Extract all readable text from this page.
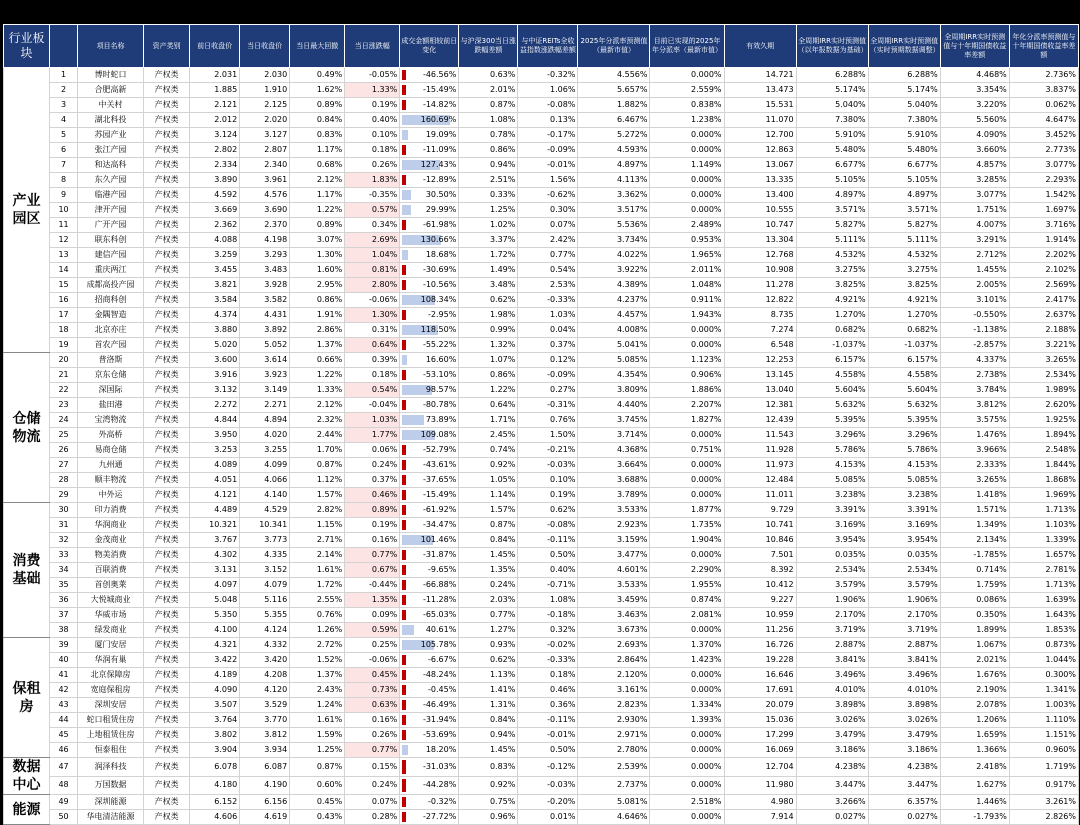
行业板块		项目名称	资产类别	前日收盘价	当日收盘价	当日最大回撤	当日涨跌幅	成交金额相较前日变化	与沪深300当日涨跌幅差额	与中证REITs全收益指数涨跌幅差额	2025年分派率预测值（最新市值）	目前已实现的2025年年分派率（最新市值）	有效久期	全周期IRR实时预测值（以年报数据为基础）	全周期IRR实时预测值（实时预期数据调整）	全周期IRR实时预测值与十年期国债收益率差额	年化分派率预测值与十年期国债收益率差额
产业园区	1	博时蛇口	产权类	2.031	2.030	0.49%	-0.05%	-46.56%	0.63%	-0.32%	4.556%	0.000%	14.721	6.288%	6.288%	4.468%	2.736%
	2	合肥高新	产权类	1.885	1.910	1.62%	1.33%	-15.49%	2.01%	1.06%	5.657%	2.559%	13.473	5.174%	5.174%	3.354%	3.837%
	3	中关村	产权类	2.121	2.125	0.89%	0.19%	-14.82%	0.87%	-0.08%	1.882%	0.838%	15.531	5.040%	5.040%	3.220%	0.062%
	4	湖北科投	产权类	2.012	2.020	0.84%	0.40%	160.69%	1.08%	0.13%	6.467%	1.238%	11.070	7.380%	7.380%	5.560%	4.647%
	5	苏园产业	产权类	3.124	3.127	0.83%	0.10%	19.09%	0.78%	-0.17%	5.272%	0.000%	12.700	5.910%	5.910%	4.090%	3.452%
	6	张江产园	产权类	2.802	2.807	1.17%	0.18%	-11.09%	0.86%	-0.09%	4.593%	0.000%	12.863	5.480%	5.480%	3.660%	2.773%
	7	和达高科	产权类	2.334	2.340	0.68%	0.26%	127.43%	0.94%	-0.01%	4.897%	1.149%	13.067	6.677%	6.677%	4.857%	3.077%
	8	东久产园	产权类	3.890	3.961	2.12%	1.83%	-12.89%	2.51%	1.56%	4.113%	0.000%	13.335	5.105%	5.105%	3.285%	2.293%
	9	临港产园	产权类	4.592	4.576	1.17%	-0.35%	30.50%	0.33%	-0.62%	3.362%	0.000%	13.400	4.897%	4.897%	3.077%	1.542%
	10	津开产园	产权类	3.669	3.690	1.22%	0.57%	29.99%	1.25%	0.30%	3.517%	0.000%	10.555	3.571%	3.571%	1.751%	1.697%
	11	广开产园	产权类	2.362	2.370	0.89%	0.34%	-61.98%	1.02%	0.07%	5.536%	2.489%	10.747	5.827%	5.827%	4.007%	3.716%
	12	联东科创	产权类	4.088	4.198	3.07%	2.69%	130.66%	3.37%	2.42%	3.734%	0.953%	13.304	5.111%	5.111%	3.291%	1.914%
	13	建信产园	产权类	3.259	3.293	1.30%	1.04%	18.68%	1.72%	0.77%	4.022%	1.965%	12.768	4.532%	4.532%	2.712%	2.202%
	14	重庆两江	产权类	3.455	3.483	1.60%	0.81%	-30.69%	1.49%	0.54%	3.922%	2.011%	10.908	3.275%	3.275%	1.455%	2.102%
	15	成都高投产园	产权类	3.821	3.928	2.95%	2.80%	-10.56%	3.48%	2.53%	4.389%	1.048%	11.278	3.825%	3.825%	2.005%	2.569%
	16	招商科创	产权类	3.584	3.582	0.86%	-0.06%	108.34%	0.62%	-0.33%	4.237%	0.911%	12.822	4.921%	4.921%	3.101%	2.417%
	17	金隅智造	产权类	4.374	4.431	1.91%	1.30%	-2.95%	1.98%	1.03%	4.457%	1.943%	8.735	1.270%	1.270%	-0.550%	2.637%
	18	北京亦庄	产权类	3.880	3.892	2.86%	0.31%	118.50%	0.99%	0.04%	4.008%	0.000%	7.274	0.682%	0.682%	-1.138%	2.188%
	19	首农产园	产权类	5.020	5.052	1.37%	0.64%	-55.22%	1.32%	0.37%	5.041%	0.000%	6.548	-1.037%	-1.037%	-2.857%	3.221%
仓储物流	20	普洛斯	产权类	3.600	3.614	0.66%	0.39%	16.60%	1.07%	0.12%	5.085%	1.123%	12.253	6.157%	6.157%	4.337%	3.265%
	21	京东仓储	产权类	3.916	3.923	1.22%	0.18%	-53.10%	0.86%	-0.09%	4.354%	0.906%	13.145	4.558%	4.558%	2.738%	2.534%
	22	深国际	产权类	3.132	3.149	1.33%	0.54%	98.57%	1.22%	0.27%	3.809%	1.886%	13.040	5.604%	5.604%	3.784%	1.989%
	23	盐田港	产权类	2.272	2.271	2.12%	-0.04%	-80.78%	0.64%	-0.31%	4.440%	2.207%	12.381	5.632%	5.632%	3.812%	2.620%
	24	宝湾物流	产权类	4.844	4.894	2.32%	1.03%	73.89%	1.71%	0.76%	3.745%	1.827%	12.439	5.395%	5.395%	3.575%	1.925%
	25	外高桥	产权类	3.950	4.020	2.44%	1.77%	109.08%	2.45%	1.50%	3.714%	0.000%	11.543	3.296%	3.296%	1.476%	1.894%
	26	易商仓储	产权类	3.253	3.255	1.70%	0.06%	-52.79%	0.74%	-0.21%	4.368%	0.751%	11.928	5.786%	5.786%	3.966%	2.548%
	27	九州通	产权类	4.089	4.099	0.87%	0.24%	-43.61%	0.92%	-0.03%	3.664%	0.000%	11.973	4.153%	4.153%	2.333%	1.844%
	28	顺丰物流	产权类	4.051	4.066	1.12%	0.37%	-37.65%	1.05%	0.10%	3.688%	0.000%	12.484	5.085%	5.085%	3.265%	1.868%
	29	中外运	产权类	4.121	4.140	1.57%	0.46%	-15.49%	1.14%	0.19%	3.789%	0.000%	11.011	3.238%	3.238%	1.418%	1.969%
消费基础	30	印力消费	产权类	4.489	4.529	2.82%	0.89%	-61.92%	1.57%	0.62%	3.533%	1.877%	9.729	3.391%	3.391%	1.571%	1.713%
	31	华润商业	产权类	10.321	10.341	1.15%	0.19%	-34.47%	0.87%	-0.08%	2.923%	1.735%	10.741	3.169%	3.169%	1.349%	1.103%
	32	金茂商业	产权类	3.767	3.773	2.71%	0.16%	101.46%	0.84%	-0.11%	3.159%	1.904%	10.846	3.954%	3.954%	2.134%	1.339%
	33	物美消费	产权类	4.302	4.335	2.14%	0.77%	-31.87%	1.45%	0.50%	3.477%	0.000%	7.501	0.035%	0.035%	-1.785%	1.657%
	34	百联消费	产权类	3.131	3.152	1.61%	0.67%	-9.65%	1.35%	0.40%	4.601%	2.290%	8.392	2.534%	2.534%	0.714%	2.781%
	35	首创奥莱	产权类	4.097	4.079	1.72%	-0.44%	-66.88%	0.24%	-0.71%	3.533%	1.955%	10.412	3.579%	3.579%	1.759%	1.713%
	36	大悦城商业	产权类	5.048	5.116	2.55%	1.35%	-11.28%	2.03%	1.08%	3.459%	0.874%	9.227	1.906%	1.906%	0.086%	1.639%
	37	华威市场	产权类	5.350	5.355	0.76%	0.09%	-65.03%	0.77%	-0.18%	3.463%	2.081%	10.959	2.170%	2.170%	0.350%	1.643%
	38	绿发商业	产权类	4.100	4.124	1.26%	0.59%	40.61%	1.27%	0.32%	3.673%	0.000%	11.256	3.719%	3.719%	1.899%	1.853%
保租房	39	厦门安居	产权类	4.321	4.332	2.72%	0.25%	105.78%	0.93%	-0.02%	2.693%	1.370%	16.726	2.887%	2.887%	1.067%	0.873%
	40	华润有巢	产权类	3.422	3.420	1.52%	-0.06%	-6.67%	0.62%	-0.33%	2.864%	1.423%	19.228	3.841%	3.841%	2.021%	1.044%
	41	北京保障房	产权类	4.189	4.208	1.37%	0.45%	-48.24%	1.13%	0.18%	2.120%	0.000%	16.646	3.496%	3.496%	1.676%	0.300%
	42	宽庭保租房	产权类	4.090	4.120	2.43%	0.73%	-0.45%	1.41%	0.46%	3.161%	0.000%	17.691	4.010%	4.010%	2.190%	1.341%
	43	深圳安居	产权类	3.507	3.529	1.24%	0.63%	-46.49%	1.31%	0.36%	2.823%	1.334%	20.079	3.898%	3.898%	2.078%	1.003%
	44	蛇口租赁住房	产权类	3.764	3.770	1.61%	0.16%	-31.94%	0.84%	-0.11%	2.930%	1.393%	15.036	3.026%	3.026%	1.206%	1.110%
	45	上地租赁住房	产权类	3.802	3.812	1.59%	0.26%	-53.69%	0.94%	-0.01%	2.971%	0.000%	17.299	3.479%	3.479%	1.659%	1.151%
	46	恒泰租住	产权类	3.904	3.934	1.25%	0.77%	18.20%	1.45%	0.50%	2.780%	0.000%	16.069	3.186%	3.186%	1.366%	0.960%
数据中心	47	润泽科技	产权类	6.078	6.087	0.87%	0.15%	-31.03%	0.83%	-0.12%	2.539%	0.000%	12.704	4.238%	4.238%	2.418%	1.719%
	48	万国数据	产权类	4.180	4.190	0.60%	0.24%	-44.28%	0.92%	-0.03%	2.737%	0.000%	11.980	3.447%	3.447%	1.627%	0.917%
能源	49	深圳能源	产权类	6.152	6.156	0.45%	0.07%	-0.32%	0.75%	-0.20%	5.081%	2.518%	4.980	3.266%	6.357%	1.446%	3.261%
	50	华电清洁能源	产权类	4.606	4.619	0.43%	0.28%	-27.72%	0.96%	0.01%	4.646%	0.000%	7.914	0.027%	0.027%	-1.793%	2.826%
